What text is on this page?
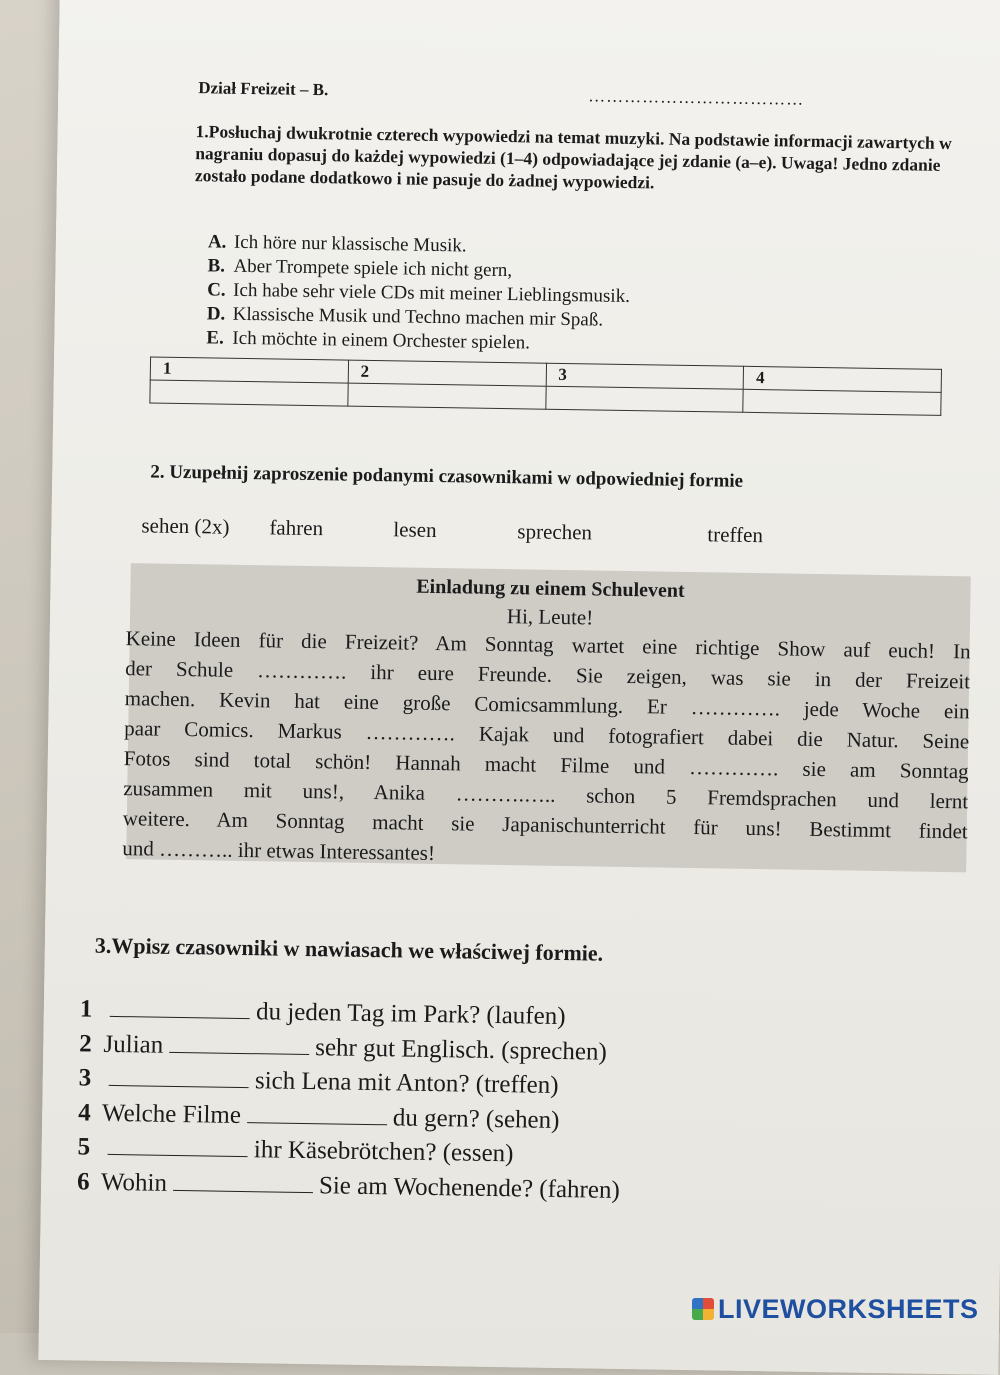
Dział Freizeit – B.	………………………………
1.Posłuchaj dwukrotnie czterech wypowiedzi na temat muzyki. Na podstawie informacji zawartych w nagraniu dopasuj do każdej wypowiedzi (1–4) odpowiadające jej zdanie (a–e). Uwaga! Jedno zdanie zostało podane dodatkowo i nie pasuje do żadnej wypowiedzi.
A. Ich höre nur klassische Musik.
B. Aber Trompete spiele ich nicht gern,
C. Ich habe sehr viele CDs mit meiner Lieblingsmusik.
D. Klassische Musik und Techno machen mir Spaß.
E. Ich möchte in einem Orchester spielen.
1	2	3	4

2. Uzupełnij zaproszenie podanymi czasownikami w odpowiedniej formie
sehen (2x) fahren	lesen	sprechen	treffen
Einladung zu einem Schulevent
Hi, Leute!
Keine Ideen für die Freizeit? Am Sonntag wartet eine richtige Show auf euch! In
der Schule …………. ihr eure Freunde. Sie zeigen, was sie in der Freizeit
machen. Kevin hat eine große Comicsammlung. Er …………. jede Woche ein
paar Comics. Markus …………. Kajak und fotografiert dabei die Natur. Seine
Fotos sind total schön! Hannah macht Filme und …………. sie am Sonntag
zusammen mit uns!, Anika ……….….. schon 5 Fremdsprachen und lernt
weitere. Am Sonntag macht sie Japanischunterricht für uns! Bestimmt findet
und ……….. ihr etwas Interessantes!
3.Wpisz czasowniki w nawiasach we właściwej formie.
1	du jeden Tag im Park? (laufen)
2 Julian	sehr gut Englisch. (sprechen)
3	sich Lena mit Anton? (treffen)
4 Welche Filme	du gern? (sehen)
5	ihr Käsebrötchen? (essen)
6 Wohin	Sie am Wochenende? (fahren)
LIVEWORKSHEETS
